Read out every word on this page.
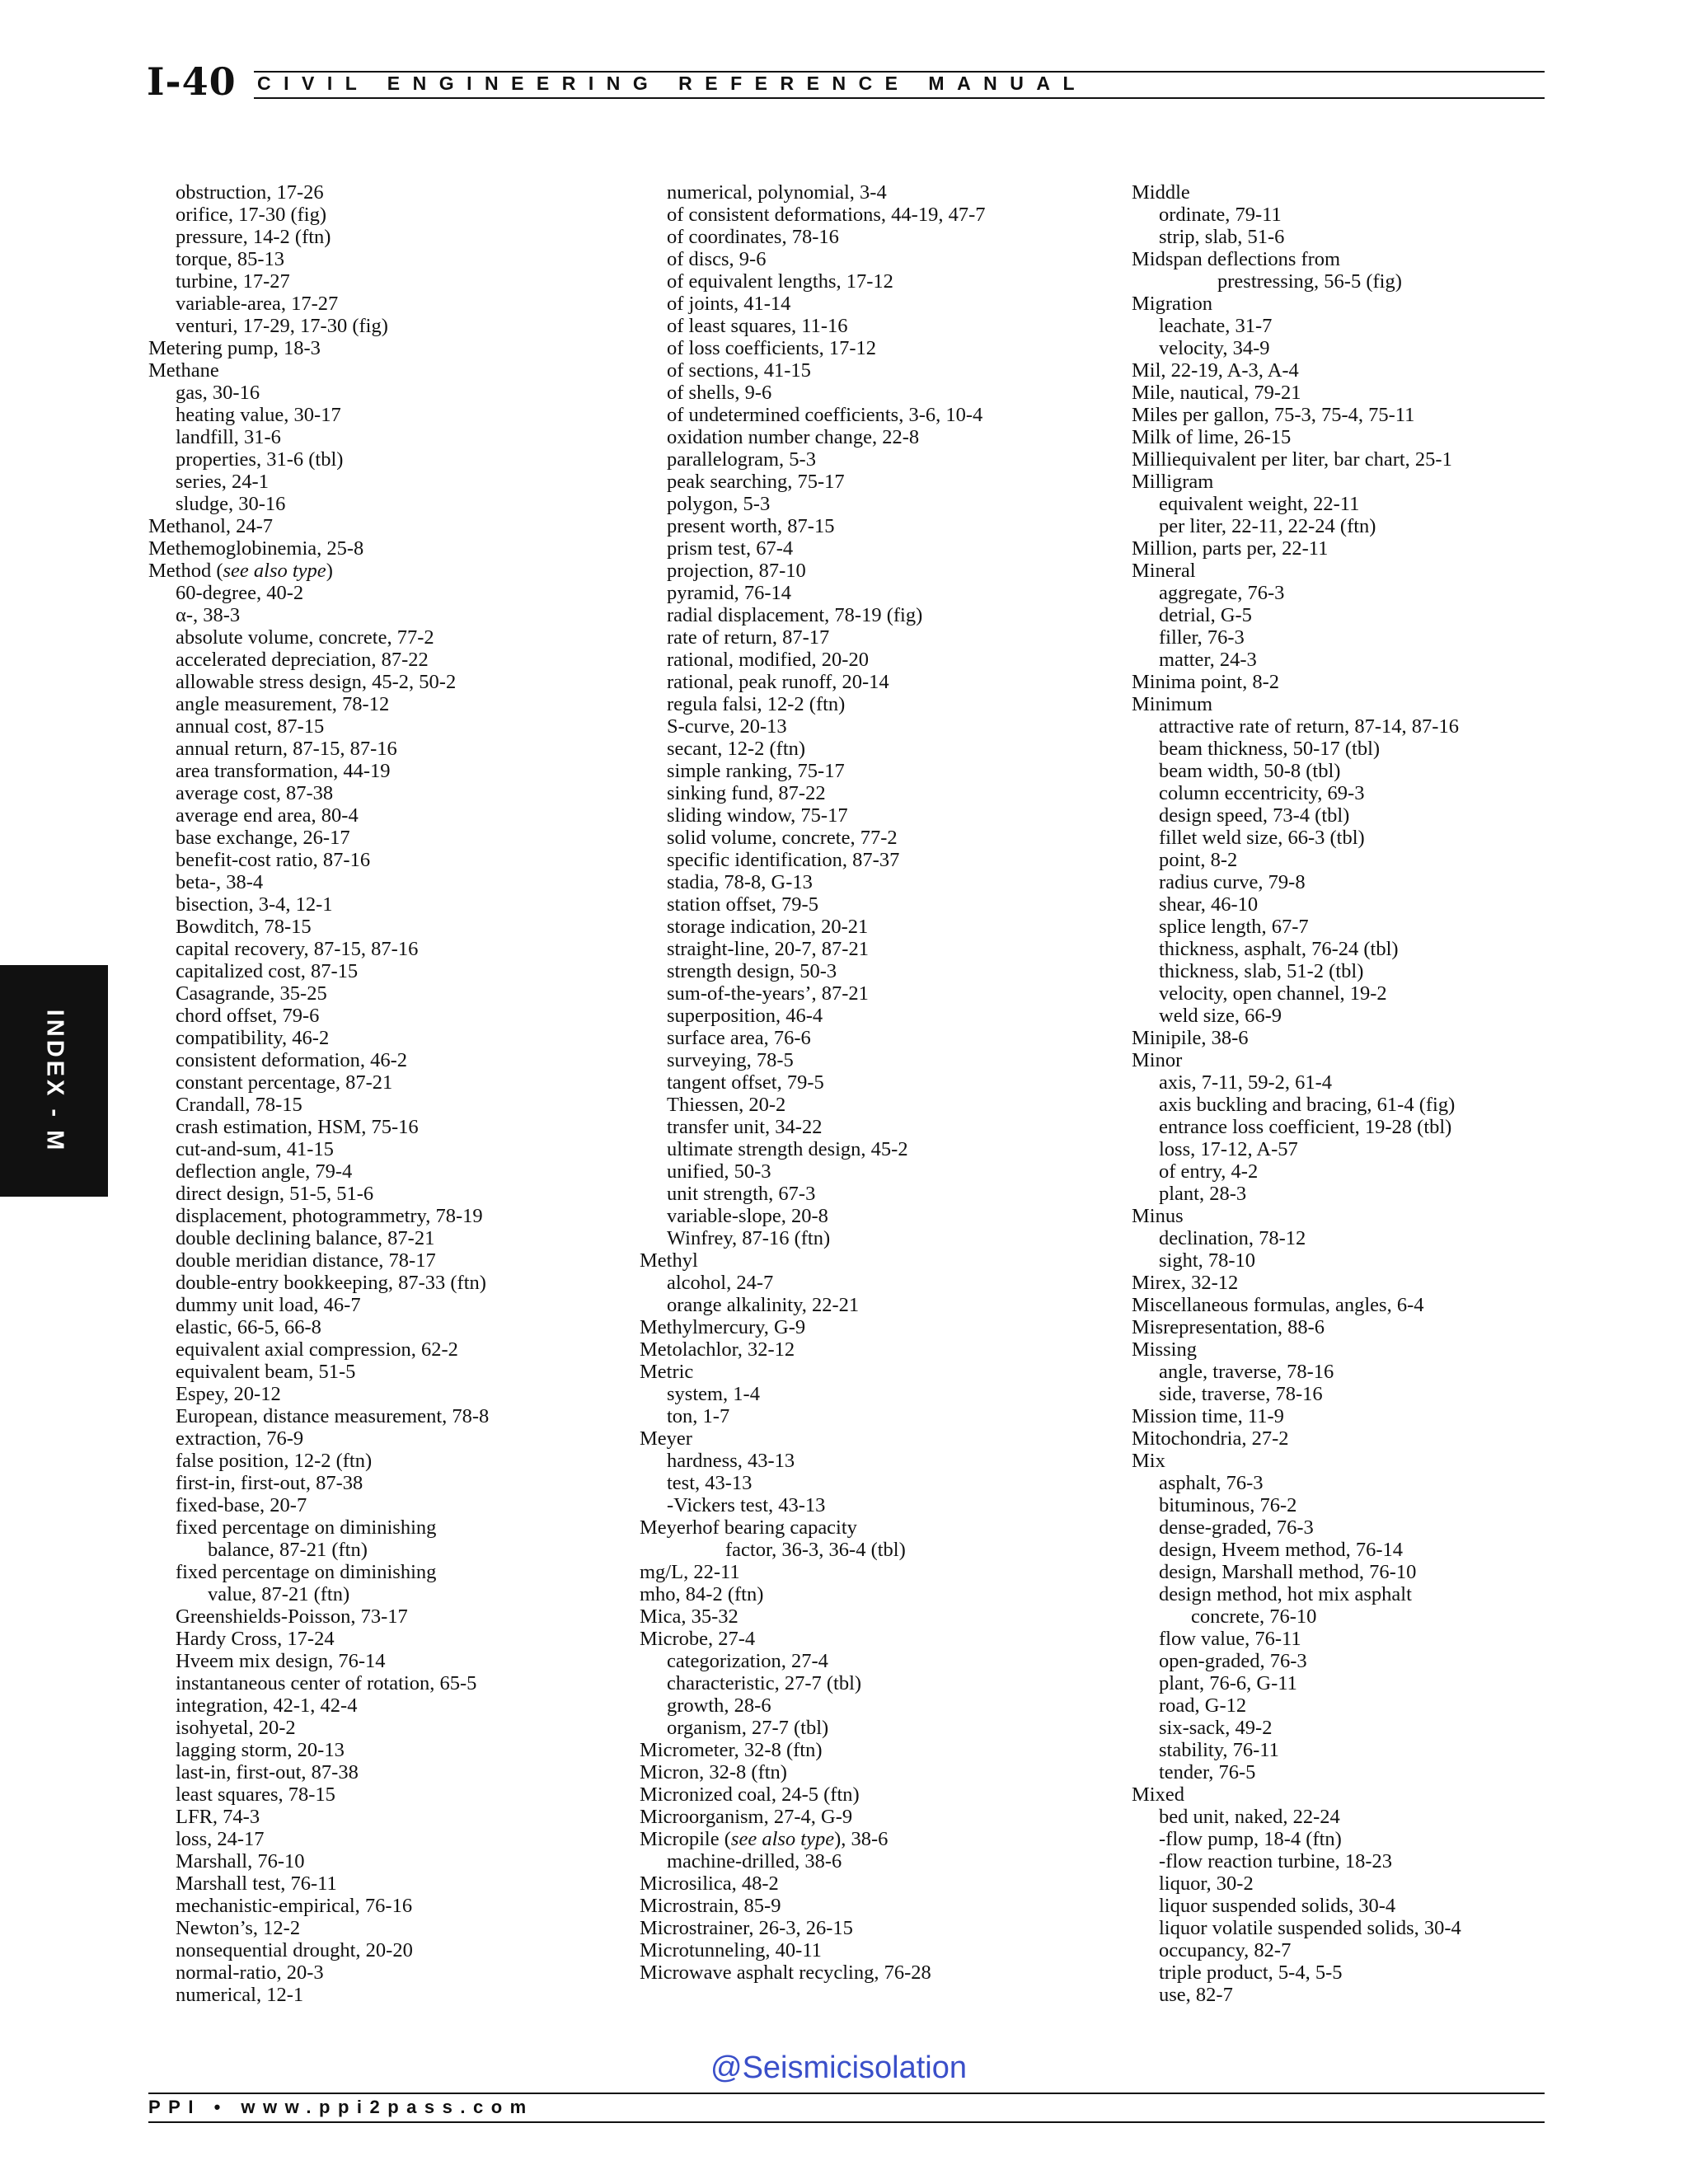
I-40 CIVIL ENGINEERING REFERENCE MANUAL
obstruction, 17-26
orifice, 17-30 (fig)
pressure, 14-2 (ftn)
torque, 85-13
turbine, 17-27
variable-area, 17-27
venturi, 17-29, 17-30 (fig)
Metering pump, 18-3
Methane
gas, 30-16
heating value, 30-17
landfill, 31-6
properties, 31-6 (tbl)
series, 24-1
sludge, 30-16
Methanol, 24-7
Methemoglobinemia, 25-8
Method (see also type)
60-degree, 40-2
α-, 38-3
absolute volume, concrete, 77-2
accelerated depreciation, 87-22
allowable stress design, 45-2, 50-2
angle measurement, 78-12
annual cost, 87-15
annual return, 87-15, 87-16
area transformation, 44-19
average cost, 87-38
average end area, 80-4
base exchange, 26-17
benefit-cost ratio, 87-16
beta-, 38-4
bisection, 3-4, 12-1
Bowditch, 78-15
capital recovery, 87-15, 87-16
capitalized cost, 87-15
Casagrande, 35-25
chord offset, 79-6
compatibility, 46-2
consistent deformation, 46-2
constant percentage, 87-21
Crandall, 78-15
crash estimation, HSM, 75-16
cut-and-sum, 41-15
deflection angle, 79-4
direct design, 51-5, 51-6
displacement, photogrammetry, 78-19
double declining balance, 87-21
double meridian distance, 78-17
double-entry bookkeeping, 87-33 (ftn)
dummy unit load, 46-7
elastic, 66-5, 66-8
equivalent axial compression, 62-2
equivalent beam, 51-5
Espey, 20-12
European, distance measurement, 78-8
extraction, 76-9
false position, 12-2 (ftn)
first-in, first-out, 87-38
fixed-base, 20-7
fixed percentage on diminishing
balance, 87-21 (ftn)
fixed percentage on diminishing
value, 87-21 (ftn)
Greenshields-Poisson, 73-17
Hardy Cross, 17-24
Hveem mix design, 76-14
instantaneous center of rotation, 65-5
integration, 42-1, 42-4
isohyetal, 20-2
lagging storm, 20-13
last-in, first-out, 87-38
least squares, 78-15
LFR, 74-3
loss, 24-17
Marshall, 76-10
Marshall test, 76-11
mechanistic-empirical, 76-16
Newton’s, 12-2
nonsequential drought, 20-20
normal-ratio, 20-3
numerical, 12-1
numerical, polynomial, 3-4
of consistent deformations, 44-19, 47-7
of coordinates, 78-16
of discs, 9-6
of equivalent lengths, 17-12
of joints, 41-14
of least squares, 11-16
of loss coefficients, 17-12
of sections, 41-15
of shells, 9-6
of undetermined coefficients, 3-6, 10-4
oxidation number change, 22-8
parallelogram, 5-3
peak searching, 75-17
polygon, 5-3
present worth, 87-15
prism test, 67-4
projection, 87-10
pyramid, 76-14
radial displacement, 78-19 (fig)
rate of return, 87-17
rational, modified, 20-20
rational, peak runoff, 20-14
regula falsi, 12-2 (ftn)
S-curve, 20-13
secant, 12-2 (ftn)
simple ranking, 75-17
sinking fund, 87-22
sliding window, 75-17
solid volume, concrete, 77-2
specific identification, 87-37
stadia, 78-8, G-13
station offset, 79-5
storage indication, 20-21
straight-line, 20-7, 87-21
strength design, 50-3
sum-of-the-years’, 87-21
superposition, 46-4
surface area, 76-6
surveying, 78-5
tangent offset, 79-5
Thiessen, 20-2
transfer unit, 34-22
ultimate strength design, 45-2
unified, 50-3
unit strength, 67-3
variable-slope, 20-8
Winfrey, 87-16 (ftn)
Methyl
alcohol, 24-7
orange alkalinity, 22-21
Methylmercury, G-9
Metolachlor, 32-12
Metric
system, 1-4
ton, 1-7
Meyer
hardness, 43-13
test, 43-13
-Vickers test, 43-13
Meyerhof bearing capacity
factor, 36-3, 36-4 (tbl)
mg/L, 22-11
mho, 84-2 (ftn)
Mica, 35-32
Microbe, 27-4
categorization, 27-4
characteristic, 27-7 (tbl)
growth, 28-6
organism, 27-7 (tbl)
Micrometer, 32-8 (ftn)
Micron, 32-8 (ftn)
Micronized coal, 24-5 (ftn)
Microorganism, 27-4, G-9
Micropile (see also type), 38-6
machine-drilled, 38-6
Microsilica, 48-2
Microstrain, 85-9
Microstrainer, 26-3, 26-15
Microtunneling, 40-11
Microwave asphalt recycling, 76-28
Middle
ordinate, 79-11
strip, slab, 51-6
Midspan deflections from
prestressing, 56-5 (fig)
Migration
leachate, 31-7
velocity, 34-9
Mil, 22-19, A-3, A-4
Mile, nautical, 79-21
Miles per gallon, 75-3, 75-4, 75-11
Milk of lime, 26-15
Milliequivalent per liter, bar chart, 25-1
Milligram
equivalent weight, 22-11
per liter, 22-11, 22-24 (ftn)
Million, parts per, 22-11
Mineral
aggregate, 76-3
detrial, G-5
filler, 76-3
matter, 24-3
Minima point, 8-2
Minimum
attractive rate of return, 87-14, 87-16
beam thickness, 50-17 (tbl)
beam width, 50-8 (tbl)
column eccentricity, 69-3
design speed, 73-4 (tbl)
fillet weld size, 66-3 (tbl)
point, 8-2
radius curve, 79-8
shear, 46-10
splice length, 67-7
thickness, asphalt, 76-24 (tbl)
thickness, slab, 51-2 (tbl)
velocity, open channel, 19-2
weld size, 66-9
Minipile, 38-6
Minor
axis, 7-11, 59-2, 61-4
axis buckling and bracing, 61-4 (fig)
entrance loss coefficient, 19-28 (tbl)
loss, 17-12, A-57
of entry, 4-2
plant, 28-3
Minus
declination, 78-12
sight, 78-10
Mirex, 32-12
Miscellaneous formulas, angles, 6-4
Misrepresentation, 88-6
Missing
angle, traverse, 78-16
side, traverse, 78-16
Mission time, 11-9
Mitochondria, 27-2
Mix
asphalt, 76-3
bituminous, 76-2
dense-graded, 76-3
design, Hveem method, 76-14
design, Marshall method, 76-10
design method, hot mix asphalt
concrete, 76-10
flow value, 76-11
open-graded, 76-3
plant, 76-6, G-11
road, G-12
six-sack, 49-2
stability, 76-11
tender, 76-5
Mixed
bed unit, naked, 22-24
-flow pump, 18-4 (ftn)
-flow reaction turbine, 18-23
liquor, 30-2
liquor suspended solids, 30-4
liquor volatile suspended solids, 30-4
occupancy, 82-7
triple product, 5-4, 5-5
use, 82-7
INDEX - M
@Seismicisolation
PPI • www.ppi2pass.com
